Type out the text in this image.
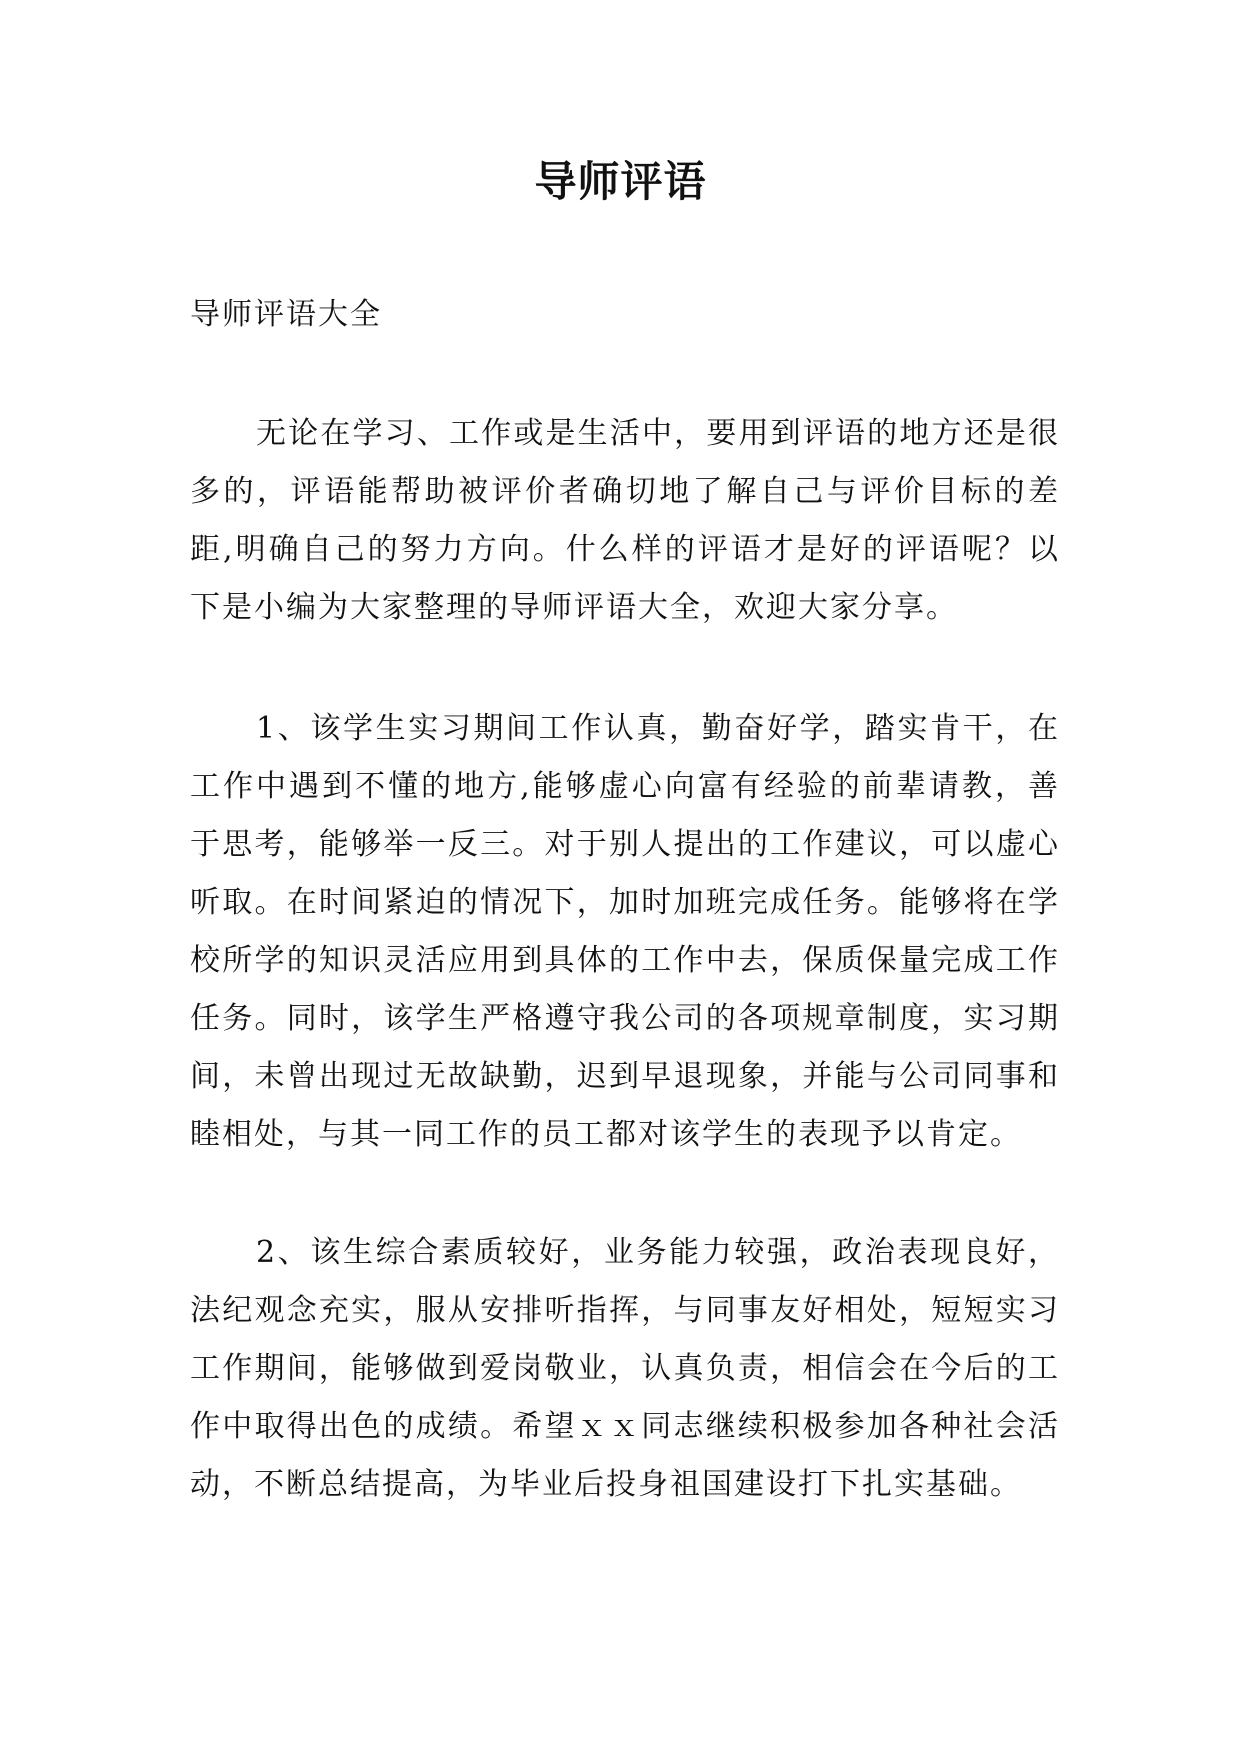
导师评语

导师评语大全

无论在学习、工作或是生活中，要用到评语的地方还是很多的，评语能帮助被评价者确切地了解自己与评价目标的差距,明确自己的努力方向。什么样的评语才是好的评语呢？以下是小编为大家整理的导师评语大全，欢迎大家分享。

1、该学生实习期间工作认真，勤奋好学，踏实肯干，在工作中遇到不懂的地方,能够虚心向富有经验的前辈请教，善于思考，能够举一反三。对于别人提出的工作建议，可以虚心听取。在时间紧迫的情况下，加时加班完成任务。能够将在学校所学的知识灵活应用到具体的工作中去，保质保量完成工作任务。同时，该学生严格遵守我公司的各项规章制度，实习期间，未曾出现过无故缺勤，迟到早退现象，并能与公司同事和睦相处，与其一同工作的员工都对该学生的表现予以肯定。

2、该生综合素质较好，业务能力较强，政治表现良好，法纪观念充实，服从安排听指挥，与同事友好相处，短短实习工作期间，能够做到爱岗敬业，认真负责，相信会在今后的工作中取得出色的成绩。希望ｘｘ同志继续积极参加各种社会活动，不断总结提高，为毕业后投身祖国建设打下扎实基础。
